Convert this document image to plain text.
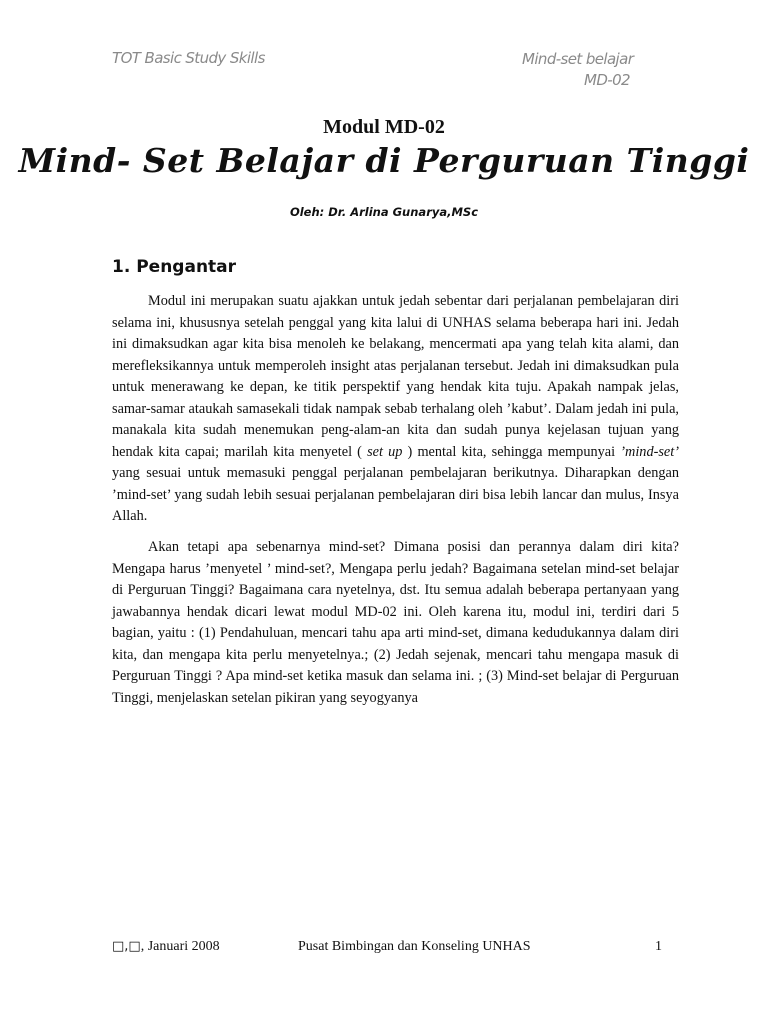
TOT Basic Study Skills	Mind-set belajar
MD-02
Modul MD-02
Mind- Set Belajar di Perguruan Tinggi
Oleh: Dr. Arlina Gunarya,MSc
1. Pengantar

Modul ini merupakan suatu ajakkan untuk jedah sebentar dari perjalanan pembelajaran diri selama ini, khususnya setelah penggal yang kita lalui di UNHAS selama beberapa hari ini. Jedah ini dimaksudkan agar kita bisa menoleh ke belakang, mencermati apa yang telah kita alami, dan merefleksikannya untuk memperoleh insight atas perjalanan tersebut. Jedah ini dimaksudkan pula untuk menerawang ke depan, ke titik perspektif yang hendak kita tuju. Apakah nampak jelas, samar-samar ataukah samasekali tidak nampak sebab terhalang oleh ’kabut’. Dalam jedah ini pula, manakala kita sudah menemukan peng-alam-an kita dan sudah punya kejelasan tujuan yang hendak kita capai; marilah kita menyetel ( set up ) mental kita, sehingga mempunyai ’mind-set’ yang sesuai untuk memasuki penggal perjalanan pembelajaran berikutnya. Diharapkan dengan ’mind-set’ yang sudah lebih sesuai perjalanan pembelajaran diri bisa lebih lancar dan mulus, Insya Allah.

Akan tetapi apa sebenarnya mind-set? Dimana posisi dan perannya dalam diri kita? Mengapa harus ’menyetel ’ mind-set?, Mengapa perlu jedah? Bagaimana setelan mind-set belajar di Perguruan Tinggi? Bagaimana cara nyetelnya, dst. Itu semua adalah beberapa pertanyaan yang jawabannya hendak dicari lewat modul MD-02 ini. Oleh karena itu, modul ini, terdiri dari 5 bagian, yaitu : (1) Pendahuluan, mencari tahu apa arti mind-set, dimana kedudukannya dalam diri kita, dan mengapa kita perlu menyetelnya.; (2) Jedah sejenak, mencari tahu mengapa masuk di Perguruan Tinggi ? Apa mind-set ketika masuk dan selama ini. ; (3) Mind-set belajar di Perguruan Tinggi, menjelaskan setelan pikiran yang seyogyanya

□,□, Januari 2008	Pusat Bimbingan dan Konseling UNHAS	1
